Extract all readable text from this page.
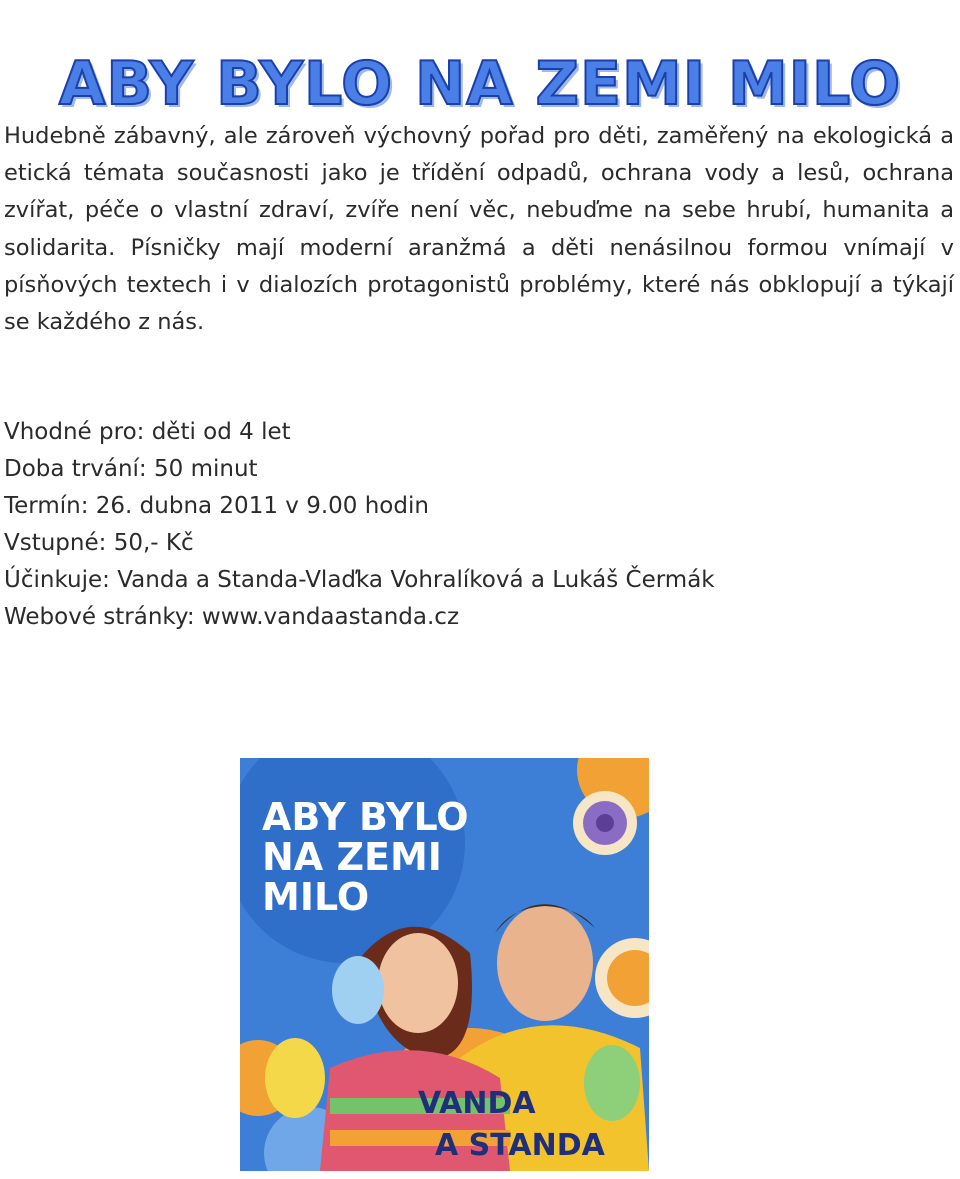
ABY BYLO NA ZEMI MILO

Hudebně zábavný, ale zároveň výchovný pořad pro děti, zaměřený na ekologická a etická témata současnosti jako je třídění odpadů, ochrana vody a lesů, ochrana zvířat, péče o vlastní zdraví, zvíře není věc, nebuďme na sebe hrubí, humanita a solidarita. Písničky mají moderní aranžmá a děti nenásilnou formou vnímají v písňových textech i v dialozích protagonistů problémy, které nás obklopují a týkají se každého z nás.

Vhodné pro: děti od 4 let
Doba trvání: 50 minut
Termín: 26. dubna 2011 v 9.00 hodin
Vstupné: 50,- Kč
Účinkuje: Vanda a Standa-Vlaďka Vohralíková a Lukáš Čermák
Webové stránky: www.vandaastanda.cz
ABY BYLO
NA ZEMI
MILO
VANDA
A STANDA
